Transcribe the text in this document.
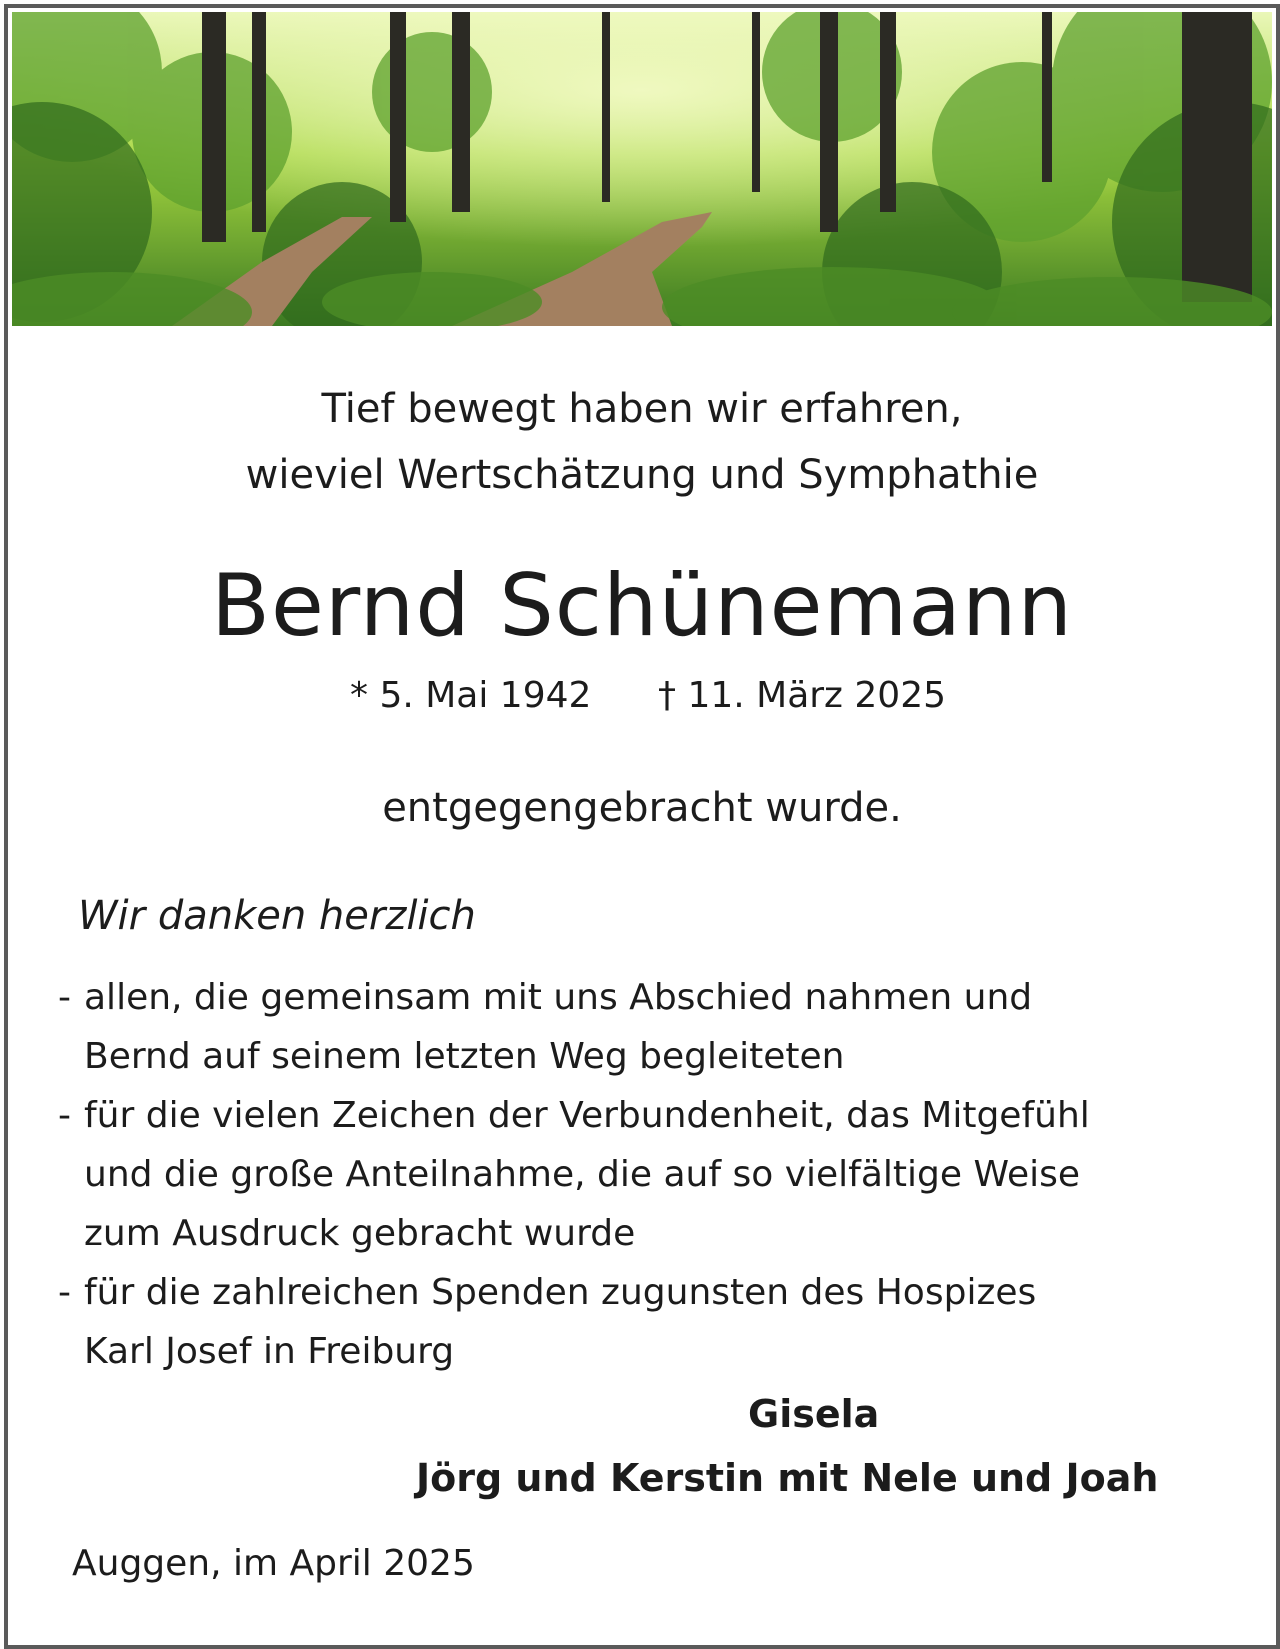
Tief bewegt haben wir erfahren,
wieviel Wertschätzung und Symphathie
Bernd Schünemann
* 5. Mai 1942 † 11. März 2025
entgegengebracht wurde.
Wir danken herzlich
- allen, die gemeinsam mit uns Abschied nahmen und
Bernd auf seinem letzten Weg begleiteten
- für die vielen Zeichen der Verbundenheit, das Mitgefühl
und die große Anteilnahme, die auf so vielfältige Weise
zum Ausdruck gebracht wurde
- für die zahlreichen Spenden zugunsten des Hospizes
Karl Josef in Freiburg
Gisela
Jörg und Kerstin mit Nele und Joah
Auggen, im April 2025
